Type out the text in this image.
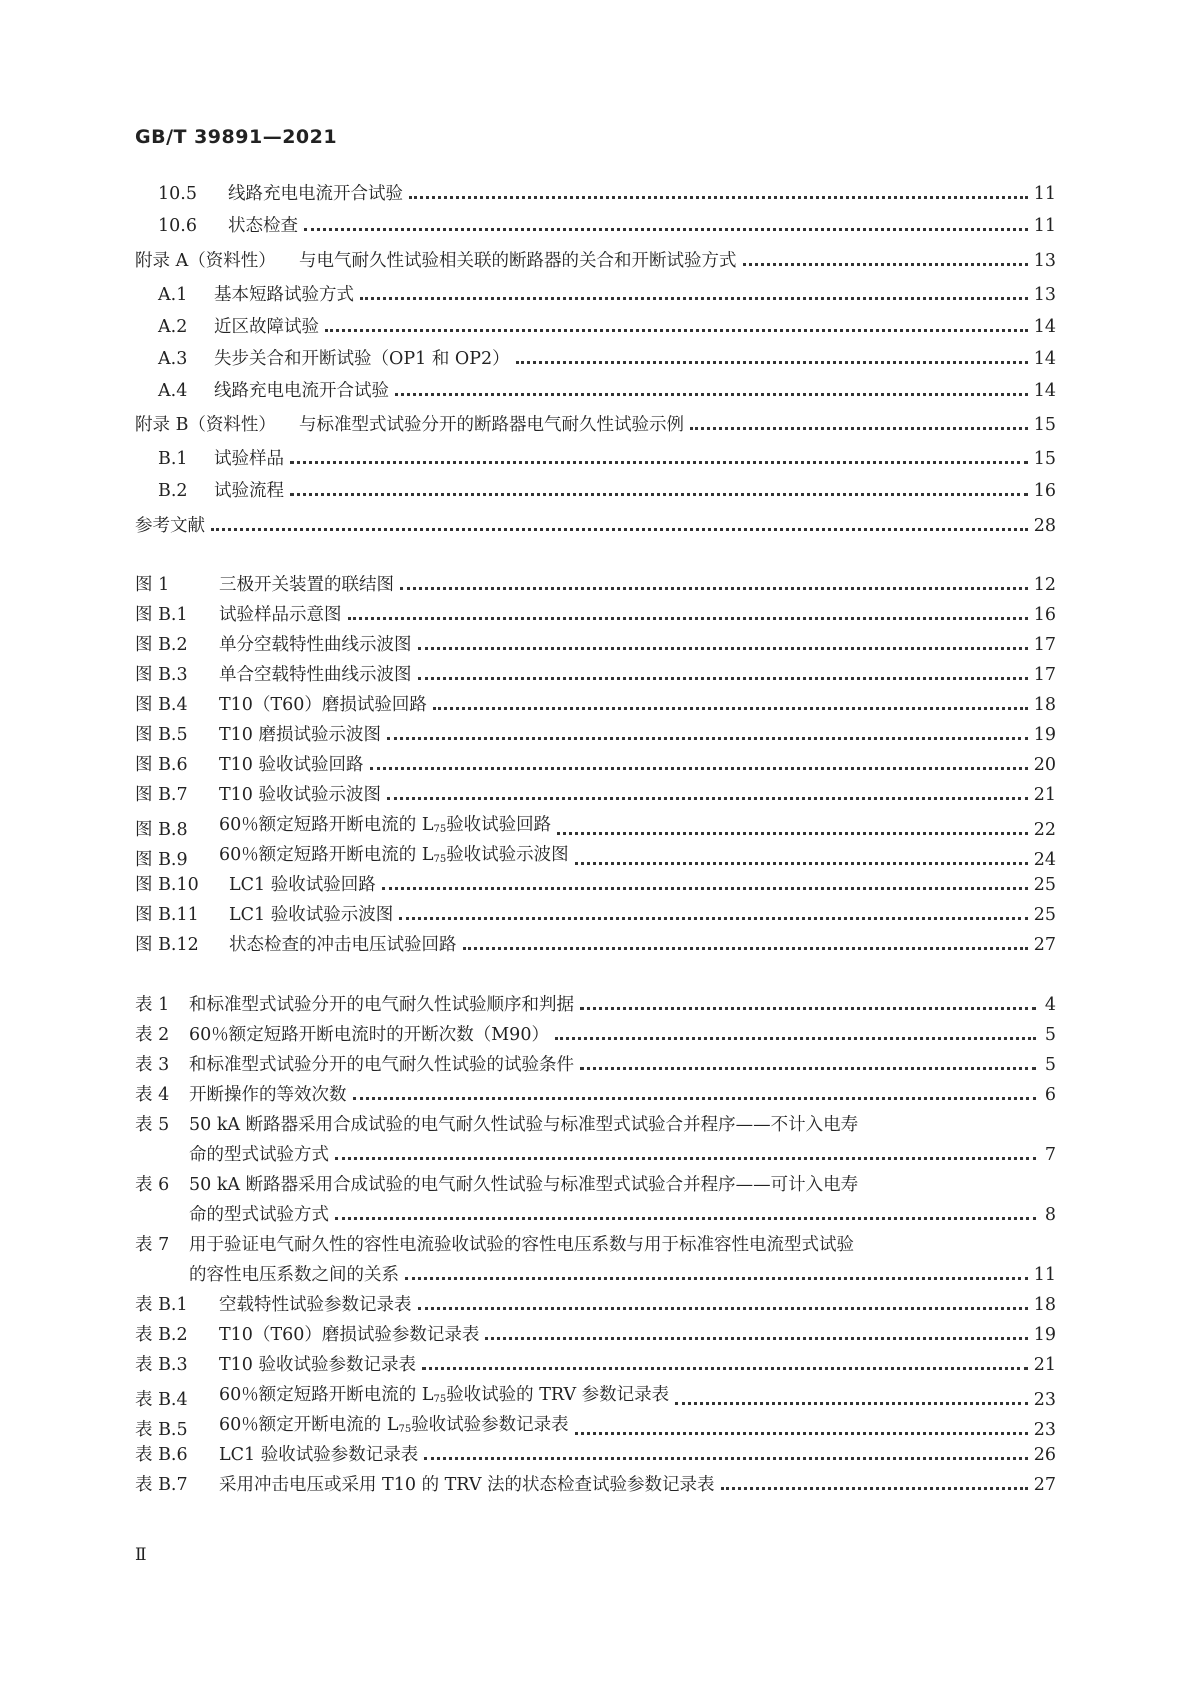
GB/T 39891—2021
10.5	线路充电电流开合试验	11
10.6	状态检查	11
附录 A（资料性）	与电气耐久性试验相关联的断路器的关合和开断试验方式	13
A.1	基本短路试验方式	13
A.2	近区故障试验	14
A.3	失步关合和开断试验（OP1 和 OP2）	14
A.4	线路充电电流开合试验	14
附录 B（资料性）	与标准型式试验分开的断路器电气耐久性试验示例	15
B.1	试验样品	15
B.2	试验流程	16
参考文献	28
图 1	三极开关装置的联结图	12
图 B.1	试验样品示意图	16
图 B.2	单分空载特性曲线示波图	17
图 B.3	单合空载特性曲线示波图	17
图 B.4	T10（T60）磨损试验回路	18
图 B.5	T10 磨损试验示波图	19
图 B.6	T10 验收试验回路	20
图 B.7	T10 验收试验示波图	21
图 B.8	60％额定短路开断电流的 $L_{75}$验收试验回路	22
图 B.9	60％额定短路开断电流的 $L_{75}$验收试验示波图	24
图 B.10	LC1 验收试验回路	25
图 B.11	LC1 验收试验示波图	25
图 B.12	状态检查的冲击电压试验回路	27
表 1 和标准型式试验分开的电气耐久性试验顺序和判据	4
表 2 60％额定短路开断电流时的开断次数（M90）	5
表 3 和标准型式试验分开的电气耐久性试验的试验条件	5
表 4 开断操作的等效次数	6
表 5 50 kA 断路器采用合成试验的电气耐久性试验与标准型式试验合并程序——不计入电寿
命的型式试验方式	7
表 6 50 kA 断路器采用合成试验的电气耐久性试验与标准型式试验合并程序——可计入电寿
命的型式试验方式	8
表 7 用于验证电气耐久性的容性电流验收试验的容性电压系数与用于标准容性电流型式试验
的容性电压系数之间的关系	11
表 B.1	空载特性试验参数记录表	18
表 B.2	T10（T60）磨损试验参数记录表	19
表 B.3	T10 验收试验参数记录表	21
表 B.4	60％额定短路开断电流的 $L_{75}$验收试验的 TRV 参数记录表	23
表 B.5	60％额定开断电流的 $L_{75}$验收试验参数记录表	23
表 B.6	LC1 验收试验参数记录表	26
表 B.7	采用冲击电压或采用 T10 的 TRV 法的状态检查试验参数记录表	27
Ⅱ
